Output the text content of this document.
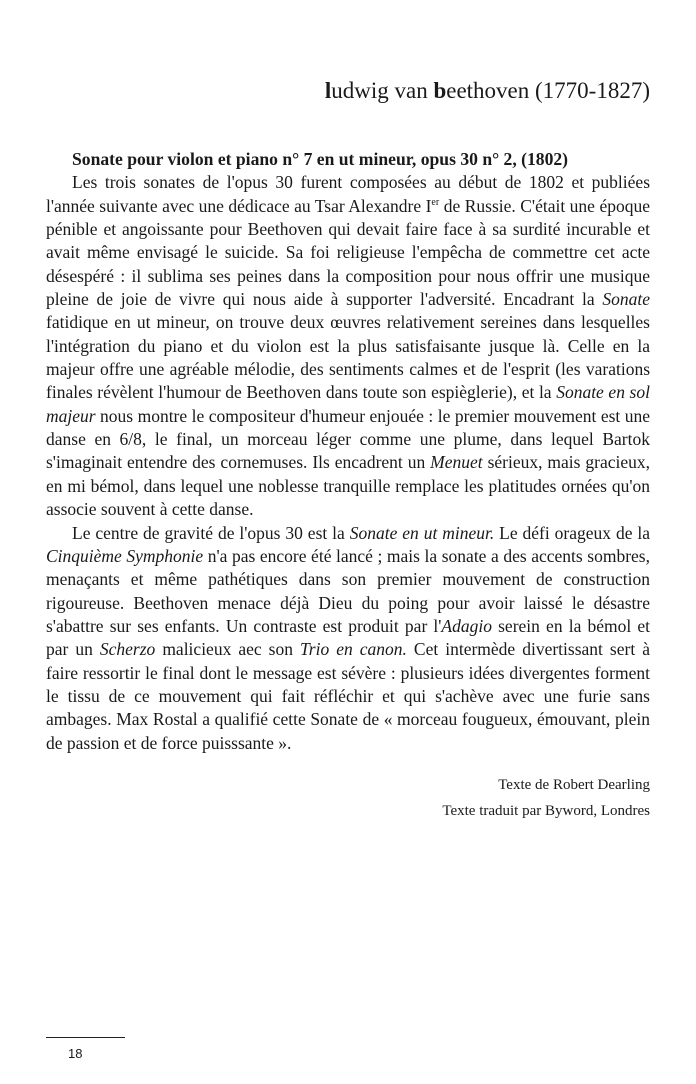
ludwig van beethoven (1770-1827)
Sonate pour violon et piano n° 7 en ut mineur, opus 30 n° 2, (1802)

Les trois sonates de l'opus 30 furent composées au début de 1802 et publiées l'année suivante avec une dédicace au Tsar Alexandre Ier de Russie. C'était une époque pénible et angoissante pour Beethoven qui devait faire face à sa surdité incurable et avait même envisagé le suicide. Sa foi religieuse l'empêcha de commettre cet acte désespéré : il sublima ses peines dans la composition pour nous offrir une musique pleine de joie de vivre qui nous aide à supporter l'adversité. Encadrant la Sonate fatidique en ut mineur, on trouve deux œuvres relativement sereines dans lesquelles l'intégration du piano et du violon est la plus satisfaisante jusque là. Celle en la majeur offre une agréable mélodie, des sentiments calmes et de l'esprit (les varations finales révèlent l'humour de Beethoven dans toute son espièglerie), et la Sonate en sol majeur nous montre le compositeur d'humeur enjouée : le premier mouvement est une danse en 6/8, le final, un morceau léger comme une plume, dans lequel Bartok s'imaginait entendre des cornemuses. Ils encadrent un Menuet sérieux, mais gracieux, en mi bémol, dans lequel une noblesse tranquille remplace les platitudes ornées qu'on associe souvent à cette danse.

Le centre de gravité de l'opus 30 est la Sonate en ut mineur. Le défi orageux de la Cinquième Symphonie n'a pas encore été lancé ; mais la sonate a des accents sombres, menaçants et même pathétiques dans son premier mouvement de construction rigoureuse. Beethoven menace déjà Dieu du poing pour avoir laissé le désastre s'abattre sur ses enfants. Un contraste est produit par l'Adagio serein en la bémol et par un Scherzo malicieux aec son Trio en canon. Cet intermède divertissant sert à faire ressortir le final dont le message est sévère : plusieurs idées divergentes forment le tissu de ce mouvement qui fait réfléchir et qui s'achève avec une furie sans ambages. Max Rostal a qualifié cette Sonate de « morceau fougueux, émouvant, plein de passion et de force puisssante ».

Texte de Robert Dearling
Texte traduit par Byword, Londres
18
